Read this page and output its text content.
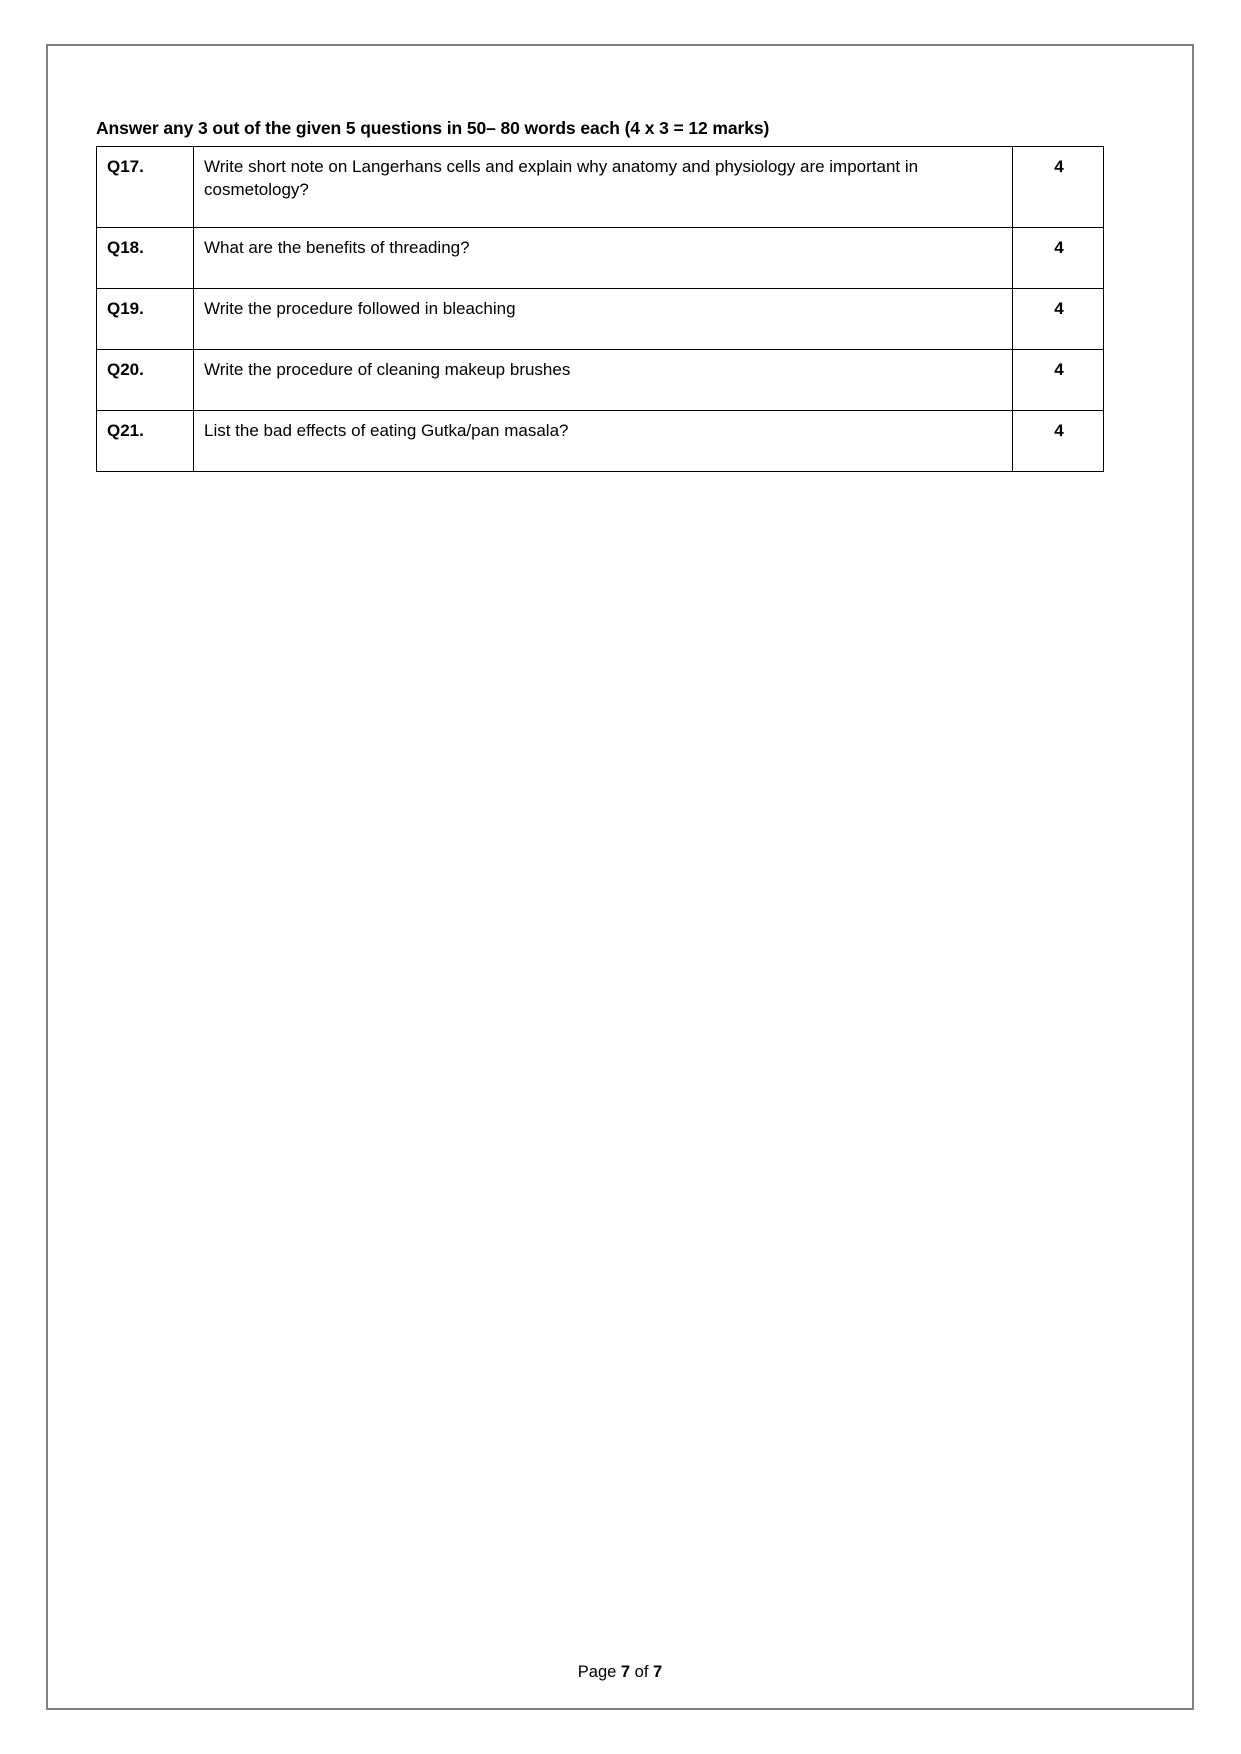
Answer any 3 out of the given 5 questions in 50– 80 words each (4 x 3 = 12 marks)
Q17.	Write short note on Langerhans cells and explain why anatomy and physiology are important in cosmetology?	4
Q18.	What are the benefits of threading?	4
Q19.	Write the procedure followed in bleaching	4
Q20.	Write the procedure of cleaning makeup brushes	4
Q21.	List the bad effects of eating Gutka/pan masala?	4
Page 7 of 7
